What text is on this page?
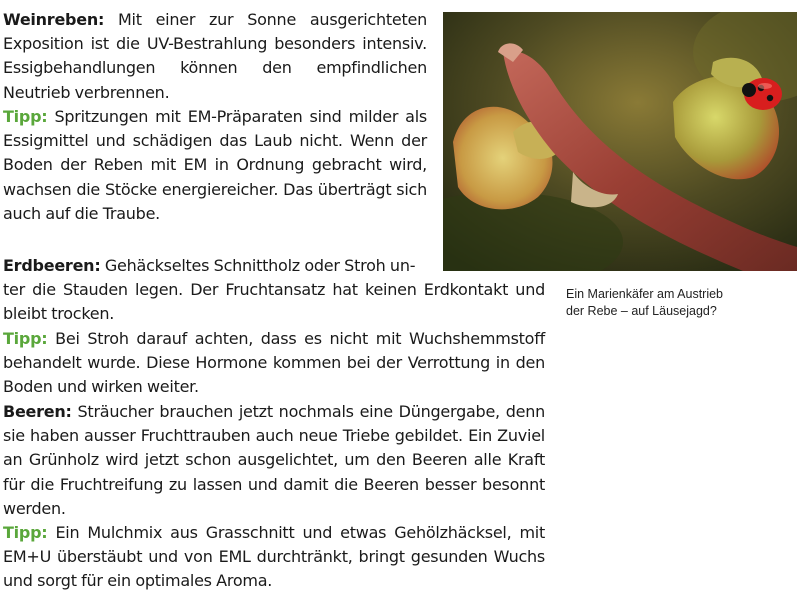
Weinreben: Mit einer zur Sonne ausgerichteten Exposition ist die UV-Bestrahlung besonders intensiv. Essigbehandlungen können den empfindlichen Neutrieb verbrennen.

Tipp: Spritzungen mit EM-Präparaten sind milder als Essigmittel und schädigen das Laub nicht. Wenn der Boden der Reben mit EM in Ordnung gebracht wird, wachsen die Stöcke energiereicher. Das überträgt sich auch auf die Traube.

Erdbeeren: Gehäckseltes Schnittholz oder Stroh un-
ter die Stauden legen. Der Fruchtansatz hat keinen Erdkontakt und bleibt trocken.

Tipp: Bei Stroh darauf achten, dass es nicht mit Wuchshemmstoff behandelt wurde. Diese Hormone kommen bei der Verrottung in den Boden und wirken weiter.

Beeren: Sträucher brauchen jetzt nochmals eine Düngergabe, denn sie haben ausser Fruchttrauben auch neue Triebe gebildet. Ein Zuviel an Grünholz wird jetzt schon ausgelichtet, um den Beeren alle Kraft für die Fruchtreifung zu lassen und damit die Beeren besser besonnt werden.

Tipp: Ein Mulchmix aus Grasschnitt und etwas Gehölzhäcksel, mit EM+U überstäubt und von EML durchtränkt, bringt gesunden Wuchs und sorgt für ein optimales Aroma.

Ein Marienkäfer am Austrieb der Rebe – auf Läusejagd?
